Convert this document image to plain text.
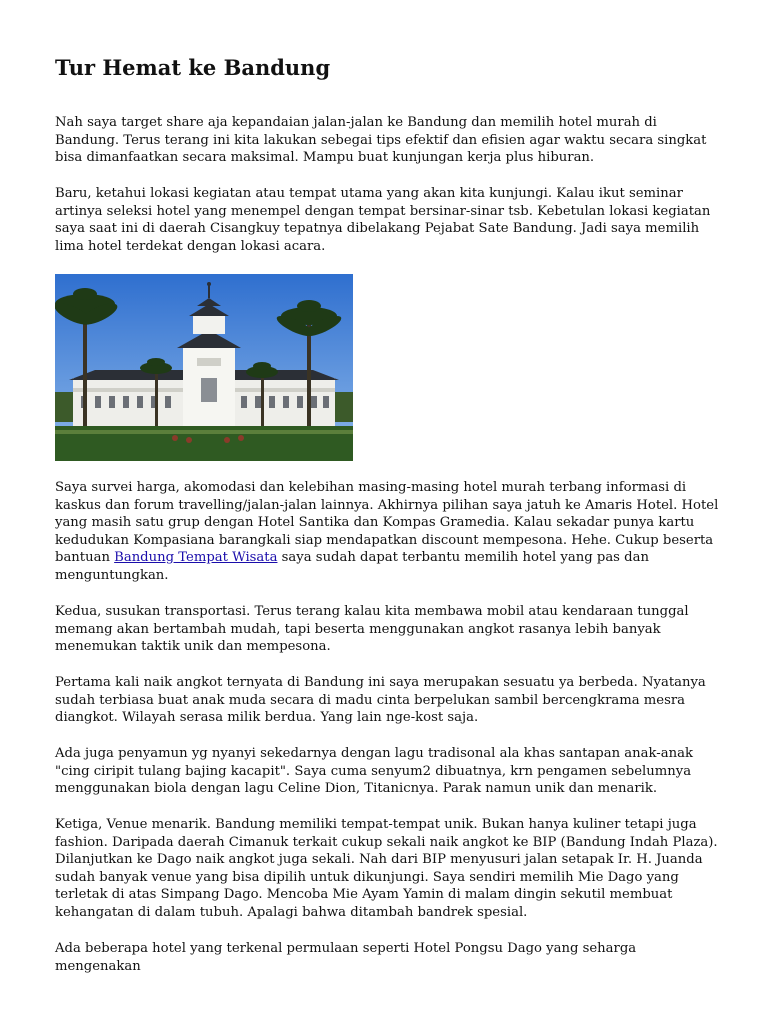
Tur Hemat ke Bandung

Nah saya target share aja kepandaian jalan-jalan ke Bandung dan memilih hotel murah di Bandung. Terus terang ini kita lakukan sebegai tips efektif dan efisien agar waktu secara singkat bisa dimanfaatkan secara maksimal. Mampu buat kunjungan kerja plus hiburan.

Baru, ketahui lokasi kegiatan atau tempat utama yang akan kita kunjungi. Kalau ikut seminar artinya seleksi hotel yang menempel dengan tempat bersinar-sinar tsb. Kebetulan lokasi kegiatan saya saat ini di daerah Cisangkuy tepatnya dibelakang Pejabat Sate Bandung. Jadi saya memilih lima hotel terdekat dengan lokasi acara.

Saya survei harga, akomodasi dan kelebihan masing-masing hotel murah terbang informasi di kaskus dan forum travelling/jalan-jalan lainnya. Akhirnya pilihan saya jatuh ke Amaris Hotel. Hotel yang masih satu grup dengan Hotel Santika dan Kompas Gramedia. Kalau sekadar punya kartu kedudukan Kompasiana barangkali siap mendapatkan discount mempesona. Hehe. Cukup beserta bantuan Bandung Tempat Wisata saya sudah dapat terbantu memilih hotel yang pas dan menguntungkan.

Kedua, susukan transportasi. Terus terang kalau kita membawa mobil atau kendaraan tunggal memang akan bertambah mudah, tapi beserta menggunakan angkot rasanya lebih banyak menemukan taktik unik dan mempesona.

Pertama kali naik angkot ternyata di Bandung ini saya merupakan sesuatu ya berbeda. Nyatanya sudah terbiasa buat anak muda secara di madu cinta berpelukan sambil bercengkrama mesra diangkot. Wilayah serasa milik berdua. Yang lain nge-kost saja.

Ada juga penyamun yg nyanyi sekedarnya dengan lagu tradisonal ala khas santapan anak-anak "cing ciripit tulang bajing kacapit". Saya cuma senyum2 dibuatnya, krn pengamen sebelumnya menggunakan biola dengan lagu Celine Dion, Titanicnya. Parak namun unik dan menarik.

Ketiga, Venue menarik. Bandung memiliki tempat-tempat unik. Bukan hanya kuliner tetapi juga fashion. Daripada daerah Cimanuk terkait cukup sekali naik angkot ke BIP (Bandung Indah Plaza). Dilanjutkan ke Dago naik angkot juga sekali. Nah dari BIP menyusuri jalan setapak Ir. H. Juanda sudah banyak venue yang bisa dipilih untuk dikunjungi. Saya sendiri memilih Mie Dago yang terletak di atas Simpang Dago. Mencoba Mie Ayam Yamin di malam dingin sekutil membuat kehangatan di dalam tubuh. Apalagi bahwa ditambah bandrek spesial.

Ada beberapa hotel yang terkenal permulaan seperti Hotel Pongsu Dago yang seharga mengenakan
